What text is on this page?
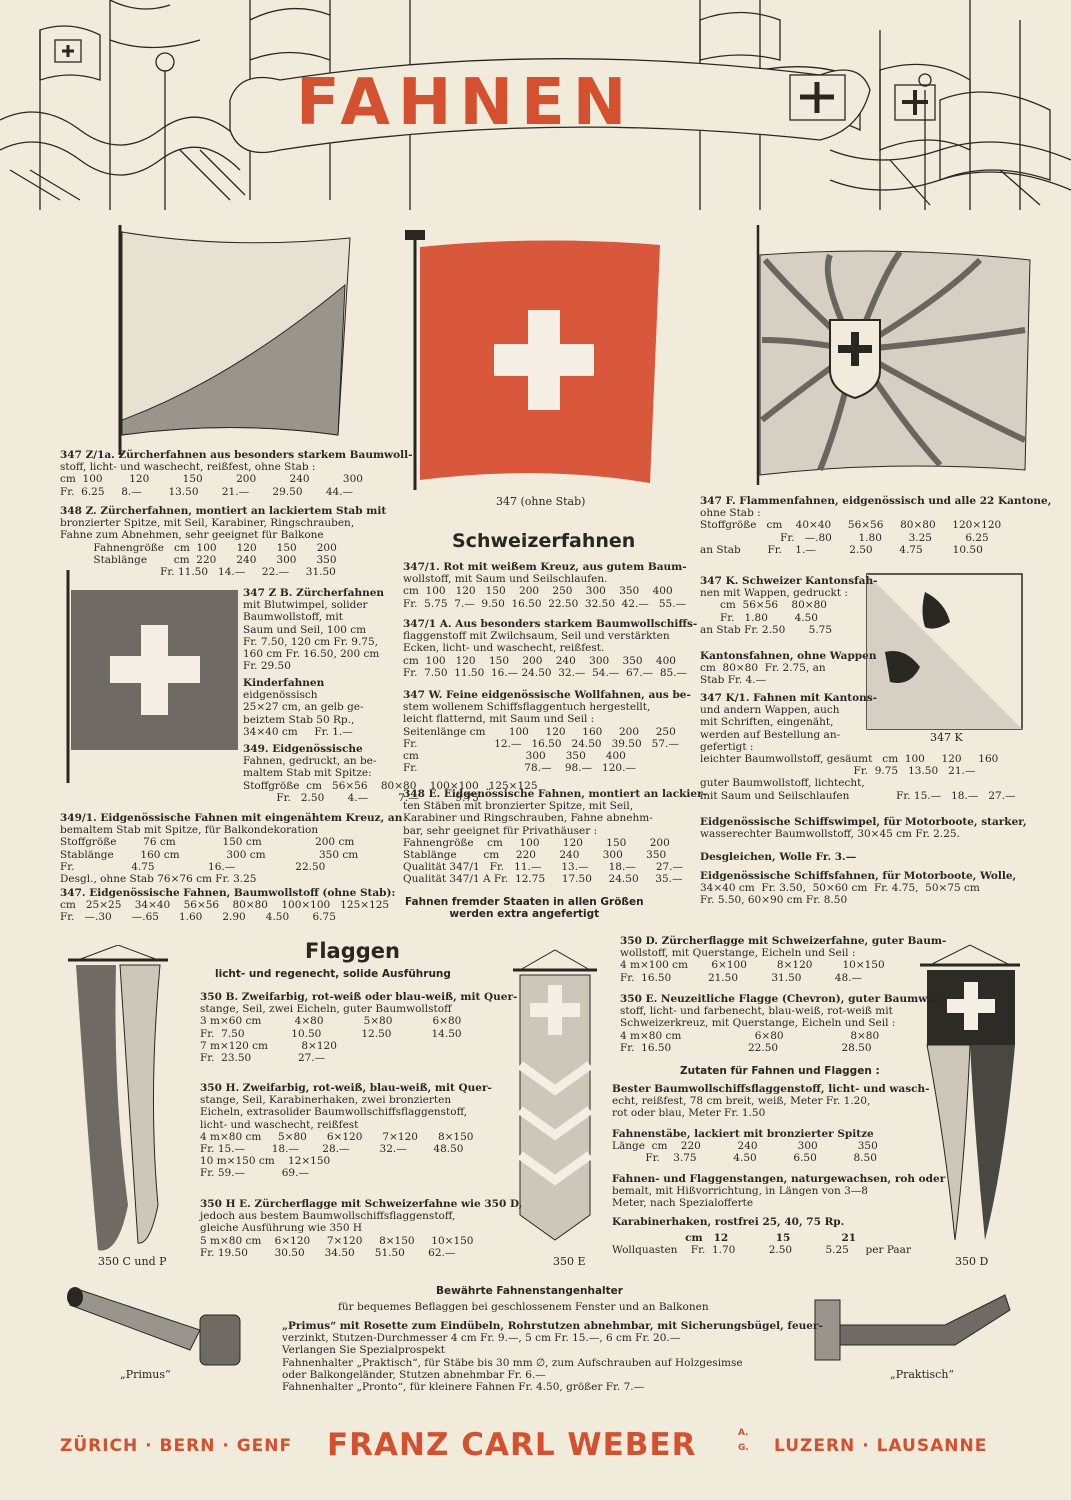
FAHNEN
347 (ohne Stab)
347 K
350 C und P	350 E	350 D
„Primus“	„Praktisch“
347 Z/1a. Zürcherfahnen aus besonders starkem Baumwoll-
stoff, licht- und waschecht, reißfest, ohne Stab :
cm  100        120          150          200          240          300
Fr.  6.25     8.—        13.50       21.—       29.50       44.—
348 Z. Zürcherfahnen, montiert an lackiertem Stab mit
bronzierter Spitze, mit Seil, Karabiner, Ringschrauben,
Fahne zum Abnehmen, sehr geeignet für Balkone
Fahnengröße   cm  100      120      150      200
Stablänge        cm  220      240      300      350
Fr. 11.50   14.—     22.—     31.50
347 Z B. Zürcherfahnen
mit Blutwimpel, solider
Baumwollstoff, mit
Saum und Seil, 100 cm
Fr. 7.50, 120 cm Fr. 9.75,
160 cm Fr. 16.50, 200 cm
Fr. 29.50
Kinderfahnen
eidgenössisch
25×27 cm, an gelb ge-
beiztem Stab 50 Rp.,
34×40 cm     Fr. 1.—
349. Eidgenössische
Fahnen, gedruckt, an be-
maltem Stab mit Spitze:
Stoffgröße  cm   56×56    80×80    100×100   125×125
Fr.   2.50       4.—         7.—           9.75
349/1. Eidgenössische Fahnen mit eingenähtem Kreuz, an
bemaltem Stab mit Spitze, für Balkondekoration
Stoffgröße        76 cm              150 cm                200 cm
Stablänge        160 cm              300 cm                350 cm
Fr.                 4.75                16.—                  22.50
Desgl., ohne Stab 76×76 cm Fr. 3.25
347. Eidgenössische Fahnen, Baumwollstoff (ohne Stab):
cm   25×25    34×40    56×56    80×80    100×100   125×125
Fr.   —.30      —.65      1.60      2.90      4.50       6.75
Schweizerfahnen
347/1. Rot mit weißem Kreuz, aus gutem Baum-
wollstoff, mit Saum und Seilschlaufen.
cm  100   120   150    200    250    300    350    400
Fr.  5.75  7.—  9.50  16.50  22.50  32.50  42.—   55.—
347/1 A. Aus besonders starkem Baumwollschiffs-
flaggenstoff mit Zwilchsaum, Seil und verstärkten
Ecken, licht- und waschecht, reißfest.
cm  100   120    150    200    240    300    350    400
Fr.  7.50  11.50  16.— 24.50  32.—  54.—  67.—  85.—
347 W. Feine eidgenössische Wollfahnen, aus be-
stem wollenem Schiffsflaggentuch hergestellt,
leicht flatternd, mit Saum und Seil :
Seitenlänge cm       100     120     160     200     250
Fr.                       12.—   16.50   24.50   39.50   57.—
cm                                300      350      400
Fr.                                78.—    98.—   120.—
348 E. Eidgenössische Fahnen, montiert an lackier-
ten Stäben mit bronzierter Spitze, mit Seil,
Karabiner und Ringschrauben, Fahne abnehm-
bar, sehr geeignet für Privathäuser :
Fahnengröße    cm     100       120       150       200
Stablänge        cm     220       240       300       350
Qualität 347/1   Fr.   11.—      13.—      18.—      27.—
Qualität 347/1 A Fr.  12.75     17.50     24.50     35.—
Fahnen fremder Staaten in allen Größen
werden extra angefertigt
347 F. Flammenfahnen, eidgenössisch und alle 22 Kantone,
ohne Stab :
Stoffgröße   cm    40×40     56×56     80×80     120×120
Fr.   —.80        1.80        3.25          6.25
an Stab        Fr.    1.—          2.50        4.75         10.50
347 K. Schweizer Kantonsfah-
nen mit Wappen, gedruckt :
cm  56×56    80×80
Fr.   1.80        4.50
an Stab Fr. 2.50       5.75
Kantonsfahnen, ohne Wappen
cm  80×80  Fr. 2.75, an
Stab Fr. 4.—
347 K/1. Fahnen mit Kantons-
und andern Wappen, auch
mit Schriften, eingenäht,
werden auf Bestellung an-
gefertigt :
leichter Baumwollstoff, gesäumt   cm  100     120     160
Fr.  9.75   13.50   21.—
guter Baumwollstoff, lichtecht,
mit Saum und Seilschlaufen              Fr. 15.—   18.—   27.—
Eidgenössische Schiffswimpel, für Motorboote, starker,
wasserechter Baumwollstoff, 30×45 cm Fr. 2.25.
Desgleichen, Wolle Fr. 3.—
Eidgenössische Schiffsfahnen, für Motorboote, Wolle,
34×40 cm  Fr. 3.50,  50×60 cm  Fr. 4.75,  50×75 cm
Fr. 5.50, 60×90 cm Fr. 8.50
Flaggen
licht- und regenecht, solide Ausführung
350 B. Zweifarbig, rot-weiß oder blau-weiß, mit Quer-
stange, Seil, zwei Eicheln, guter Baumwollstoff
3 m×60 cm          4×80            5×80            6×80
Fr.  7.50              10.50            12.50            14.50
7 m×120 cm          8×120
Fr.  23.50              27.—
350 H. Zweifarbig, rot-weiß, blau-weiß, mit Quer-
stange, Seil, Karabinerhaken, zwei bronzierten
Eicheln, extrasolider Baumwollschiffsflaggenstoff,
licht- und waschecht, reißfest
4 m×80 cm     5×80      6×120      7×120      8×150
Fr. 15.—        18.—       28.—         32.—        48.50
10 m×150 cm    12×150
Fr. 59.—           69.—
350 H E. Zürcherflagge mit Schweizerfahne wie 350 D,
jedoch aus bestem Baumwollschiffsflaggenstoff,
gleiche Ausführung wie 350 H
5 m×80 cm    6×120     7×120     8×150     10×150
Fr. 19.50        30.50      34.50      51.50       62.—
350 D. Zürcherflagge mit Schweizerfahne, guter Baum-
wollstoff, mit Querstange, Eicheln und Seil :
4 m×100 cm       6×100         8×120         10×150
Fr.  16.50           21.50          31.50          48.—
350 E. Neuzeitliche Flagge (Chevron), guter Baumwoll-
stoff, licht- und farbenecht, blau-weiß, rot-weiß mit
Schweizerkreuz, mit Querstange, Eicheln und Seil :
4 m×80 cm                      6×80                    8×80
Fr.  16.50                       22.50                   28.50
Zutaten für Fahnen und Flaggen :
Bester Baumwollschiffsflaggenstoff, licht- und wasch-
echt, reißfest, 78 cm breit, weiß, Meter Fr. 1.20,
rot oder blau, Meter Fr. 1.50
Fahnenstäbe, lackiert mit bronzierter Spitze
Länge  cm    220           240            300            350
Fr.    3.75           4.50           6.50           8.50
Fahnen- und Flaggenstangen, naturgewachsen, roh oder
bemalt, mit Hißvorrichtung, in Längen von 3—8
Meter, nach Spezialofferte
Karabinerhaken, rostfrei 25, 40, 75 Rp.
cm   12             15              21
Wollquasten    Fr.  1.70          2.50          5.25     per Paar
Bewährte Fahnenstangenhalter
für bequemes Beflaggen bei geschlossenem Fenster und an Balkonen
„Primus“ mit Rosette zum Eindübeln, Rohrstutzen abnehmbar, mit Sicherungsbügel, feuer-
verzinkt, Stutzen-Durchmesser 4 cm Fr. 9.—, 5 cm Fr. 15.—, 6 cm Fr. 20.—
Verlangen Sie Spezialprospekt
Fahnenhalter „Praktisch“, für Stäbe bis 30 mm ∅, zum Aufschrauben auf Holzgesimse
oder Balkongeländer, Stutzen abnehmbar Fr. 6.—
Fahnenhalter „Pronto“, für kleinere Fahnen Fr. 4.50, größer Fr. 7.—
ZÜRICH · BERN · GENF FRANZ CARL WEBER	A.
G. LUZERN · LAUSANNE
